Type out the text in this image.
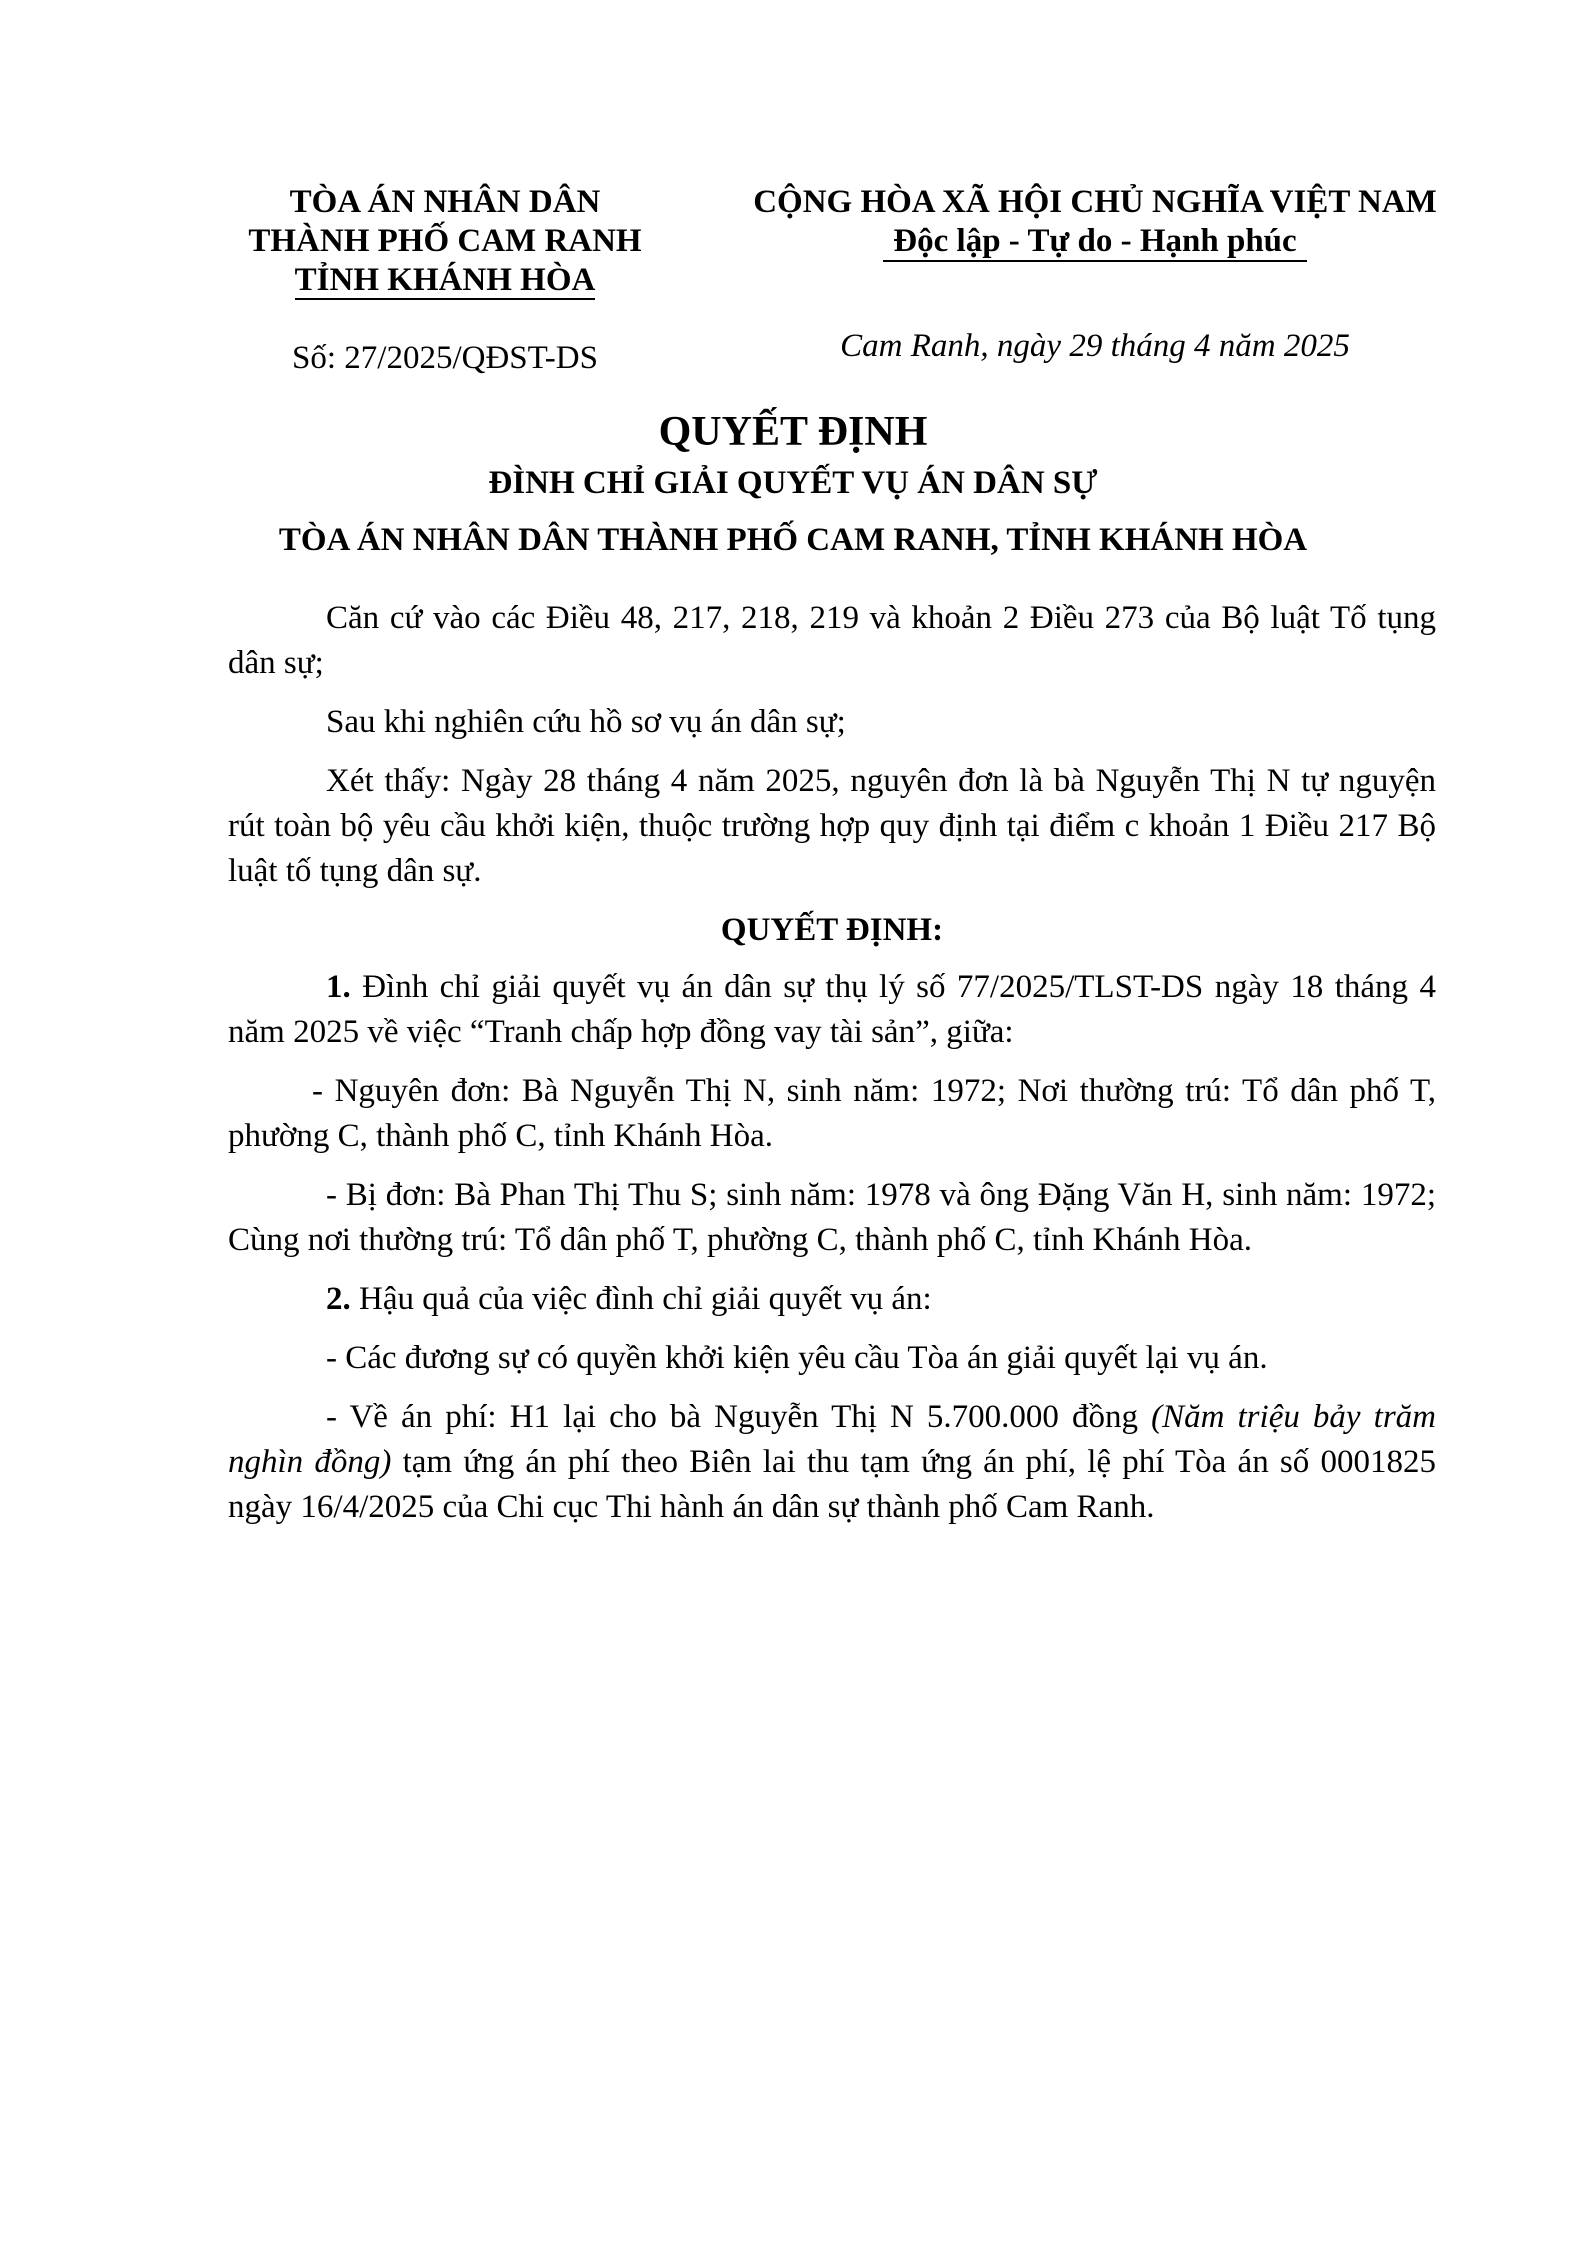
TÒA ÁN NHÂN DÂN
THÀNH PHỐ CAM RANH
TỈNH KHÁNH HÒA
CỘNG HÒA XÃ HỘI CHỦ NGHĨA VIỆT NAM
Độc lập - Tự do - Hạnh phúc
Số: 27/2025/QĐST-DS	Cam Ranh, ngày 29 tháng 4 năm 2025
QUYẾT ĐỊNH
ĐÌNH CHỈ GIẢI QUYẾT VỤ ÁN DÂN SỰ
TÒA ÁN NHÂN DÂN THÀNH PHỐ CAM RANH, TỈNH KHÁNH HÒA

Căn cứ vào các Điều 48, 217, 218, 219 và khoản 2 Điều 273 của Bộ luật Tố tụng dân sự;

Sau khi nghiên cứu hồ sơ vụ án dân sự;

Xét thấy: Ngày 28 tháng 4 năm 2025, nguyên đơn là bà Nguyễn Thị N tự nguyện rút toàn bộ yêu cầu khởi kiện, thuộc trường hợp quy định tại điểm c khoản 1 Điều 217 Bộ luật tố tụng dân sự.

QUYẾT ĐỊNH:

1. Đình chỉ giải quyết vụ án dân sự thụ lý số 77/2025/TLST-DS ngày 18 tháng 4 năm 2025 về việc “Tranh chấp hợp đồng vay tài sản”, giữa:

- Nguyên đơn: Bà Nguyễn Thị N, sinh năm: 1972; Nơi thường trú: Tổ dân phố T, phường C, thành phố C, tỉnh Khánh Hòa.

- Bị đơn: Bà Phan Thị Thu S; sinh năm: 1978 và ông Đặng Văn H, sinh năm: 1972; Cùng nơi thường trú: Tổ dân phố T, phường C, thành phố C, tỉnh Khánh Hòa.

2. Hậu quả của việc đình chỉ giải quyết vụ án:

- Các đương sự có quyền khởi kiện yêu cầu Tòa án giải quyết lại vụ án.

- Về án phí: H1 lại cho bà Nguyễn Thị N 5.700.000 đồng (Năm triệu bảy trăm nghìn đồng) tạm ứng án phí theo Biên lai thu tạm ứng án phí, lệ phí Tòa án số 0001825 ngày 16/4/2025 của Chi cục Thi hành án dân sự thành phố Cam Ranh.
